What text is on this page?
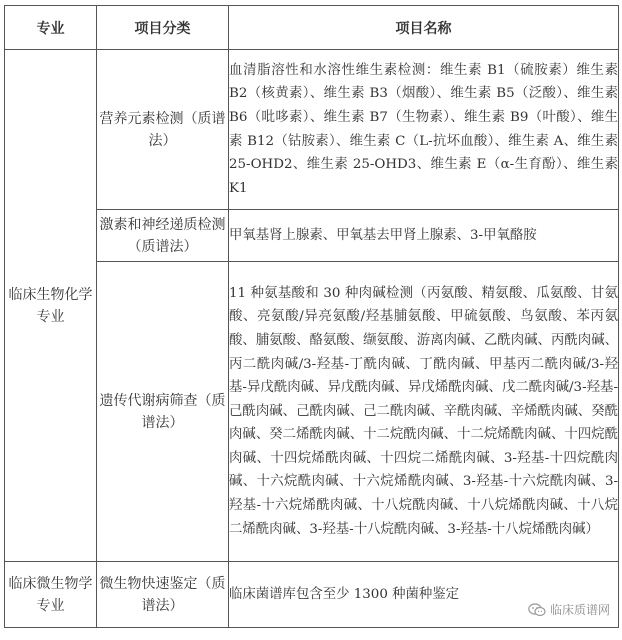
专业	项目分类	项目名称
临床生物化学专业	营养元素检测（质谱法）	血清脂溶性和水溶性维生素检测：维生素 B1（硫胺素）维生素 B2（核黄素）、维生素 B3（烟酸）、维生素 B5（泛酸）、维生素 B6（吡哆素）、维生素 B7（生物素）、维生素 B9（叶酸）、维生素 B12（钴胺素）、维生素 C（L-抗坏血酸）、维生素 A、维生素 25-OHD2、维生素 25-OHD3、维生素 E（α-生育酚）、维生素 K1
	激素和神经递质检测（质谱法）	甲氧基肾上腺素、甲氧基去甲肾上腺素、3-甲氧酪胺
	遗传代谢病筛查（质谱法）	11 种氨基酸和 30 种肉碱检测（丙氨酸、精氨酸、瓜氨酸、甘氨酸、亮氨酸/异亮氨酸/羟基脯氨酸、甲硫氨酸、鸟氨酸、苯丙氨酸、脯氨酸、酪氨酸、缬氨酸、游离肉碱、乙酰肉碱、丙酰肉碱、丙二酰肉碱/3-羟基-丁酰肉碱、丁酰肉碱、甲基丙二酰肉碱/3-羟基-异戊酰肉碱、异戊酰肉碱、异戊烯酰肉碱、戊二酰肉碱/3-羟基-己酰肉碱、己酰肉碱、己二酰肉碱、辛酰肉碱、辛烯酰肉碱、癸酰肉碱、癸二烯酰肉碱、十二烷酰肉碱、十二烷烯酰肉碱、十四烷酰肉碱、十四烷烯酰肉碱、十四烷二烯酰肉碱、3-羟基-十四烷酰肉碱、十六烷酰肉碱、十六烷烯酰肉碱、3-羟基-十六烷酰肉碱、3-羟基-十六烷烯酰肉碱、十八烷酰肉碱、十八烷烯酰肉碱、十八烷二烯酰肉碱、3-羟基-十八烷酰肉碱、3-羟基-十八烷烯酰肉碱）
临床微生物学专业	微生物快速鉴定（质谱法）	临床菌谱库包含至少 1300 种菌种鉴定
临床质谱网
